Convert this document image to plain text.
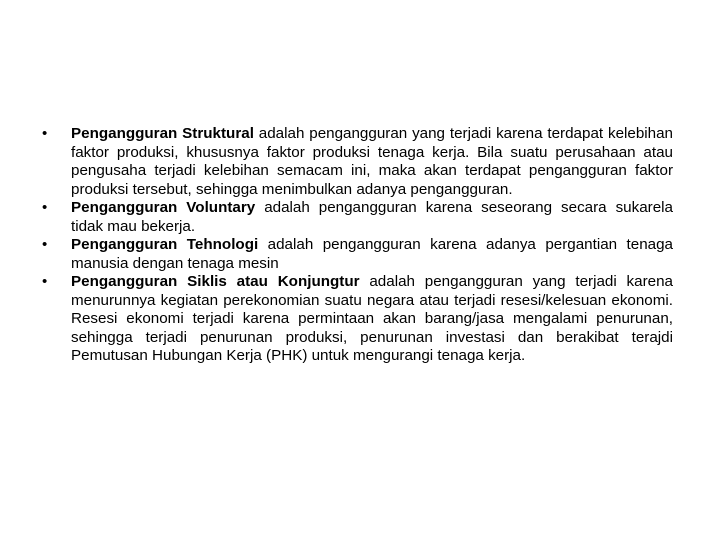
•	Pengangguran Struktural adalah pengangguran yang terjadi karena terdapat kelebihan faktor produksi, khususnya faktor produksi tenaga kerja. Bila suatu perusahaan atau pengusaha terjadi kelebihan semacam ini, maka akan terdapat pengangguran faktor produksi tersebut, sehingga menimbulkan adanya pengangguran.
•	Pengangguran Voluntary adalah pengangguran karena seseorang secara sukarela tidak mau bekerja.
•	Pengangguran Tehnologi adalah pengangguran karena adanya pergantian tenaga manusia dengan tenaga mesin
•	Pengangguran Siklis atau Konjungtur adalah pengangguran yang terjadi karena menurunnya kegiatan perekonomian suatu negara atau terjadi resesi/kelesuan ekonomi. Resesi ekonomi terjadi karena permintaan akan barang/jasa mengalami penurunan, sehingga terjadi penurunan produksi, penurunan investasi dan berakibat terajdi Pemutusan Hubungan Kerja (PHK) untuk mengurangi tenaga kerja.
